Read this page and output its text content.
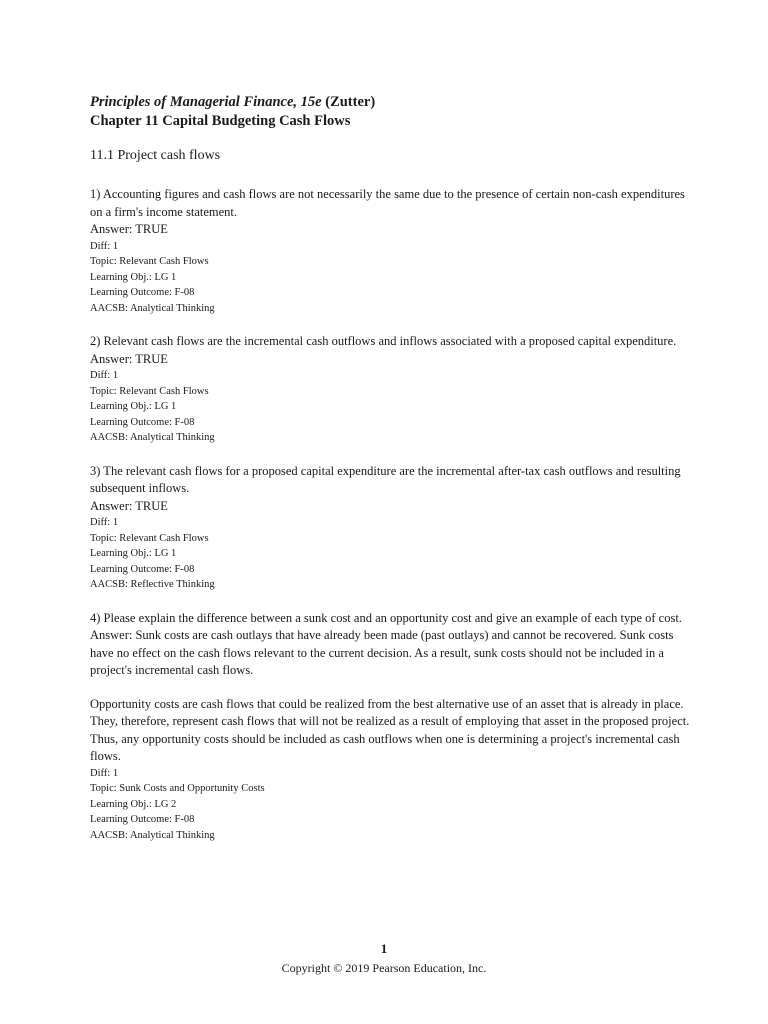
Principles of Managerial Finance, 15e (Zutter)
Chapter 11 Capital Budgeting Cash Flows
11.1 Project cash flows
1) Accounting figures and cash flows are not necessarily the same due to the presence of certain non-cash expenditures on a firm's income statement.
Answer: TRUE
Diff: 1
Topic: Relevant Cash Flows
Learning Obj.: LG 1
Learning Outcome: F-08
AACSB: Analytical Thinking
2) Relevant cash flows are the incremental cash outflows and inflows associated with a proposed capital expenditure.
Answer: TRUE
Diff: 1
Topic: Relevant Cash Flows
Learning Obj.: LG 1
Learning Outcome: F-08
AACSB: Analytical Thinking
3) The relevant cash flows for a proposed capital expenditure are the incremental after-tax cash outflows and resulting subsequent inflows.
Answer: TRUE
Diff: 1
Topic: Relevant Cash Flows
Learning Obj.: LG 1
Learning Outcome: F-08
AACSB: Reflective Thinking
4) Please explain the difference between a sunk cost and an opportunity cost and give an example of each type of cost.
Answer: Sunk costs are cash outlays that have already been made (past outlays) and cannot be recovered. Sunk costs have no effect on the cash flows relevant to the current decision. As a result, sunk costs should not be included in a project's incremental cash flows.
Opportunity costs are cash flows that could be realized from the best alternative use of an asset that is already in place. They, therefore, represent cash flows that will not be realized as a result of employing that asset in the proposed project. Thus, any opportunity costs should be included as cash outflows when one is determining a project's incremental cash flows.
Diff: 1
Topic: Sunk Costs and Opportunity Costs
Learning Obj.: LG 2
Learning Outcome: F-08
AACSB: Analytical Thinking
1
Copyright © 2019 Pearson Education, Inc.
